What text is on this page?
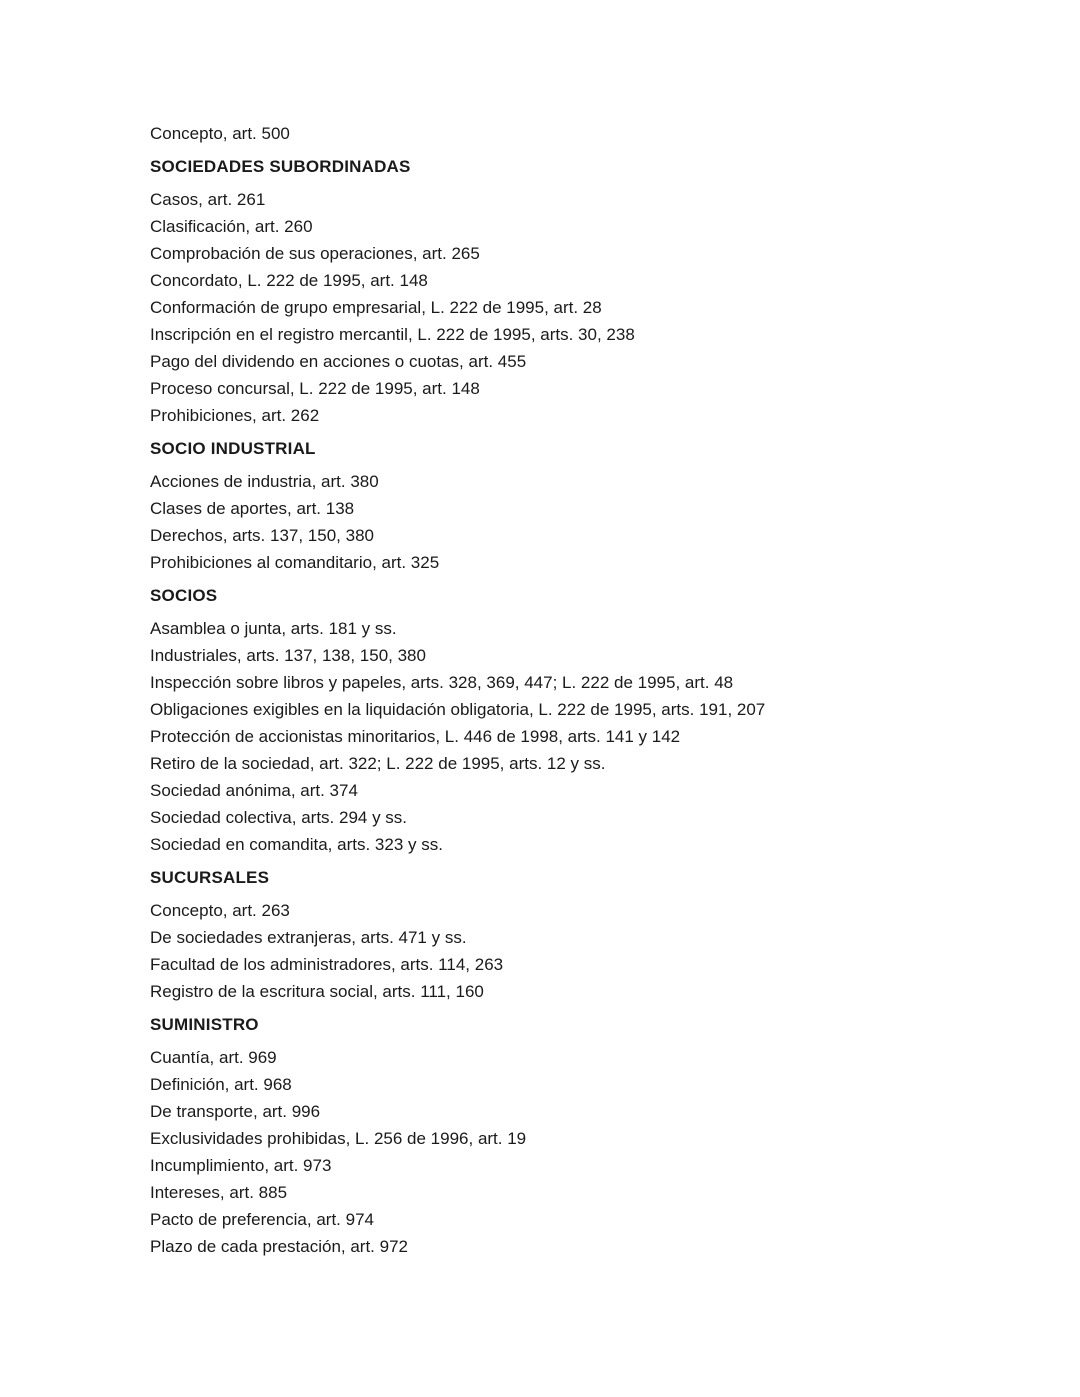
Concepto, art. 500

SOCIEDADES SUBORDINADAS

Casos, art. 261

Clasificación, art. 260

Comprobación de sus operaciones, art. 265

Concordato, L. 222 de 1995, art. 148

Conformación de grupo empresarial, L. 222 de 1995, art. 28

Inscripción en el registro mercantil, L. 222 de 1995, arts. 30, 238

Pago del dividendo en acciones o cuotas, art. 455

Proceso concursal, L. 222 de 1995, art. 148

Prohibiciones, art. 262

SOCIO INDUSTRIAL

Acciones de industria, art. 380

Clases de aportes, art. 138

Derechos, arts. 137, 150, 380

Prohibiciones al comanditario, art. 325

SOCIOS

Asamblea o junta, arts. 181 y ss.

Industriales, arts. 137, 138, 150, 380

Inspección sobre libros y papeles, arts. 328, 369, 447; L. 222 de 1995, art. 48

Obligaciones exigibles en la liquidación obligatoria, L. 222 de 1995, arts. 191, 207

Protección de accionistas minoritarios, L. 446 de 1998, arts. 141 y 142

Retiro de la sociedad, art. 322; L. 222 de 1995, arts. 12 y ss.

Sociedad anónima, art. 374

Sociedad colectiva, arts. 294 y ss.

Sociedad en comandita, arts. 323 y ss.

SUCURSALES

Concepto, art. 263

De sociedades extranjeras, arts. 471 y ss.

Facultad de los administradores, arts. 114, 263

Registro de la escritura social, arts. 111, 160

SUMINISTRO

Cuantía, art. 969

Definición, art. 968

De transporte, art. 996

Exclusividades prohibidas, L. 256 de 1996, art. 19

Incumplimiento, art. 973

Intereses, art. 885

Pacto de preferencia, art. 974

Plazo de cada prestación, art. 972
